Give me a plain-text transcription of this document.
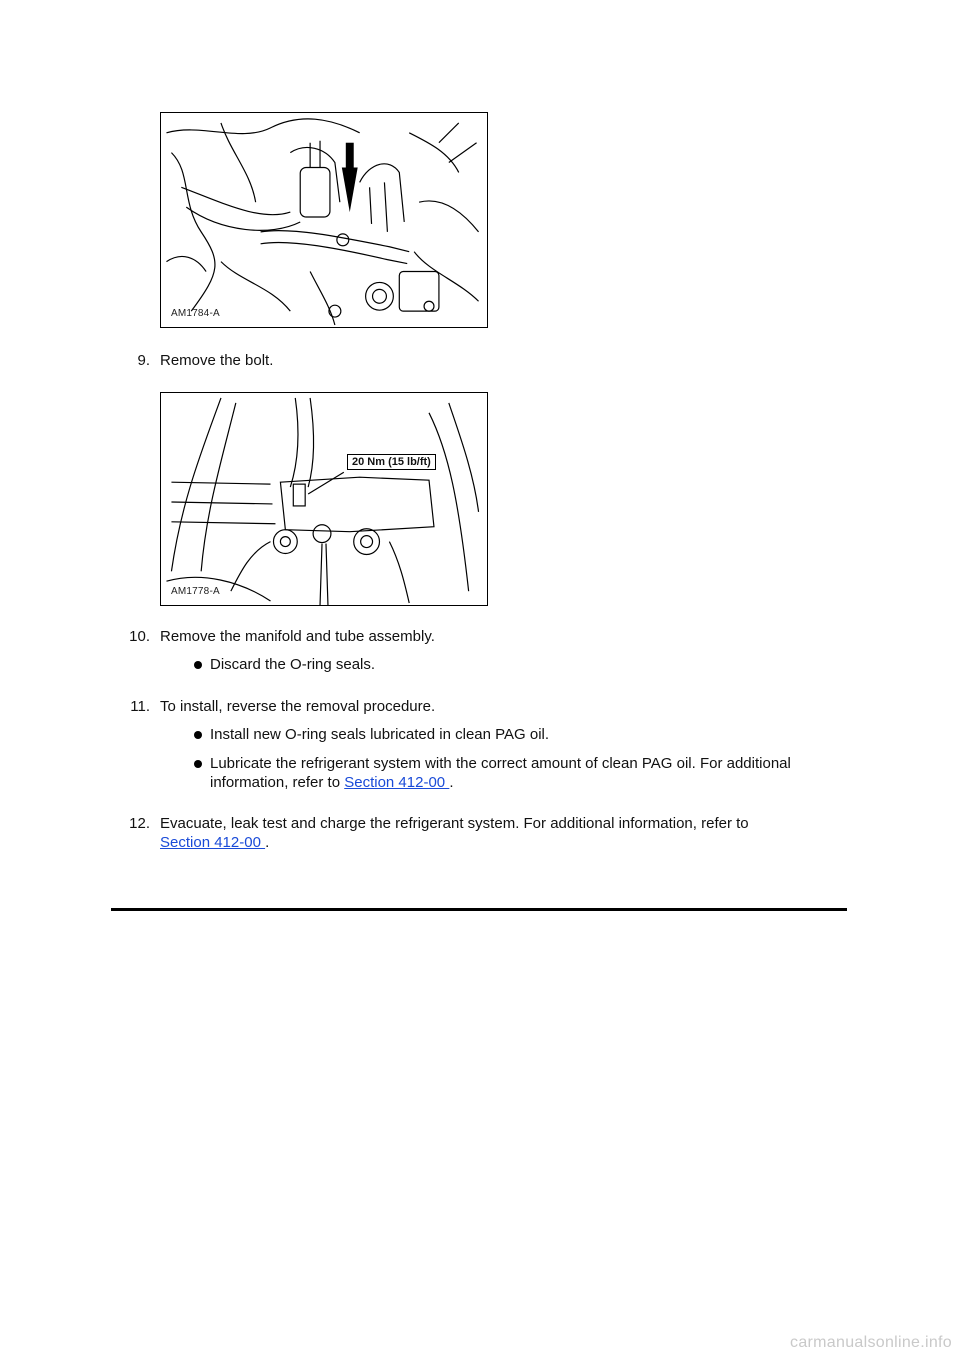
AM1784-A
9. Remove the bolt.
20 Nm (15 lb/ft)
AM1778-A
10. Remove the manifold and tube assembly.
Discard the O-ring seals.
11. To install, reverse the removal procedure.
Install new O-ring seals lubricated in clean PAG oil.
Lubricate the refrigerant system with the correct amount of clean PAG oil. For additional
information, refer to Section 412-00 .
12. Evacuate, leak test and charge the refrigerant system. For additional information, refer to
Section 412-00 .
carmanualsonline.info
